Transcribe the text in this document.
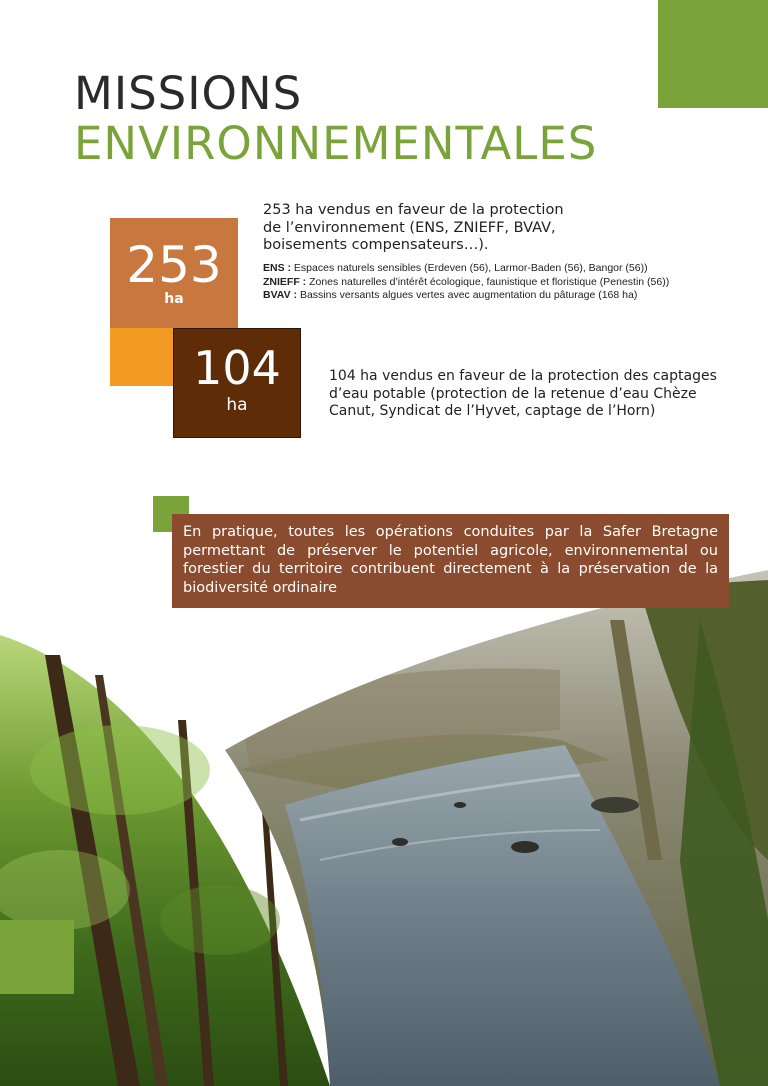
MISSIONS
ENVIRONNEMENTALES
253
ha
104
ha
253 ha vendus en faveur de la protection
de l’environnement (ENS, ZNIEFF, BVAV,
boisements compensateurs…).
ENS : Espaces naturels sensibles (Erdeven (56), Larmor-Baden (56), Bangor (56))
ZNIEFF : Zones naturelles d’intérêt écologique, faunistique et floristique (Penestin (56))
BVAV : Bassins versants algues vertes avec augmentation du pâturage (168 ha)
104 ha vendus en faveur de la protection des captages
d’eau potable (protection de la retenue d’eau Chèze
Canut, Syndicat de l’Hyvet, captage de l’Horn)
En pratique, toutes les opérations conduites par la Safer Bretagne permettant de préserver le potentiel agricole, environnemental ou forestier du territoire contribuent directement à la préservation de la biodiversité ordinaire
